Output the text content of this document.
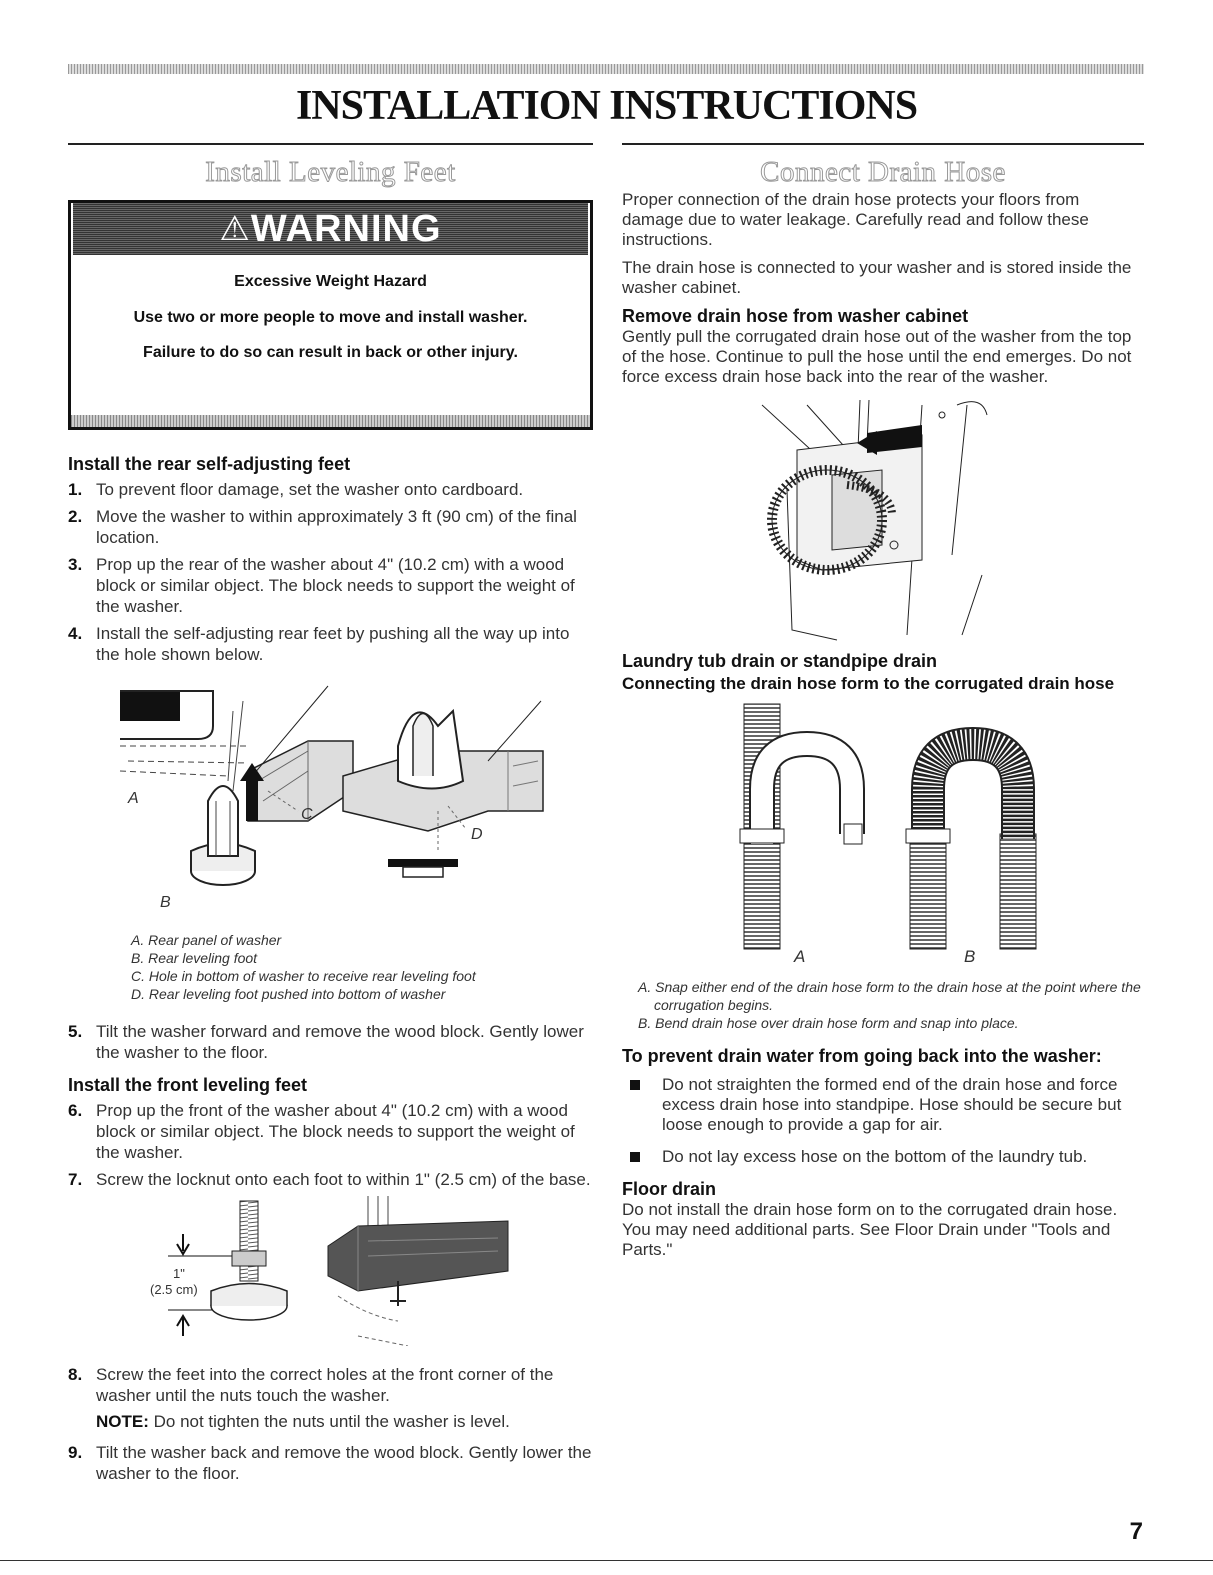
INSTALLATION INSTRUCTIONS
Install Leveling Feet
⚠WARNING

Excessive Weight Hazard

Use two or more people to move and install washer.

Failure to do so can result in back or other injury.

Install the rear self-adjusting feet
1. To prevent floor damage, set the washer onto cardboard.
2. Move the washer to within approximately 3 ft (90 cm) of the final location.
3. Prop up the rear of the washer about 4" (10.2 cm) with a wood block or similar object. The block needs to support the weight of the washer.
4. Install the self-adjusting rear feet by pushing all the way up into the hole shown below.
A
B
C
D

A. Rear panel of washer

B. Rear leveling foot

C. Hole in bottom of washer to receive rear leveling foot

D. Rear leveling foot pushed into bottom of washer

5. Tilt the washer forward and remove the wood block. Gently lower the washer to the floor.
Install the front leveling feet
6. Prop up the front of the washer about 4" (10.2 cm) with a wood block or similar object. The block needs to support the weight of the washer.
7. Screw the locknut onto each foot to within 1" (2.5 cm) of the base.
1"
(2.5 cm)
8. Screw the feet into the correct holes at the front corner of the washer until the nuts touch the washer.

NOTE: Do not tighten the nuts until the washer is level.

9. Tilt the washer back and remove the wood block. Gently lower the washer to the floor.
Connect Drain Hose

Proper connection of the drain hose protects your floors from damage due to water leakage. Carefully read and follow these instructions.

The drain hose is connected to your washer and is stored inside the washer cabinet.

Remove drain hose from washer cabinet

Gently pull the corrugated drain hose out of the washer from the top of the hose. Continue to pull the hose until the end emerges. Do not force excess drain hose back into the rear of the washer.

Laundry tub drain or standpipe drain
Connecting the drain hose form to the corrugated drain hose
A	B

A. Snap either end of the drain hose form to the drain hose at the point where the corrugation begins.

B. Bend drain hose over drain hose form and snap into place.

To prevent drain water from going back into the washer:
Do not straighten the formed end of the drain hose and force excess drain hose into standpipe. Hose should be secure but loose enough to provide a gap for air.
Do not lay excess hose on the bottom of the laundry tub.
Floor drain

Do not install the drain hose form on to the corrugated drain hose. You may need additional parts. See Floor Drain under "Tools and Parts."

7
